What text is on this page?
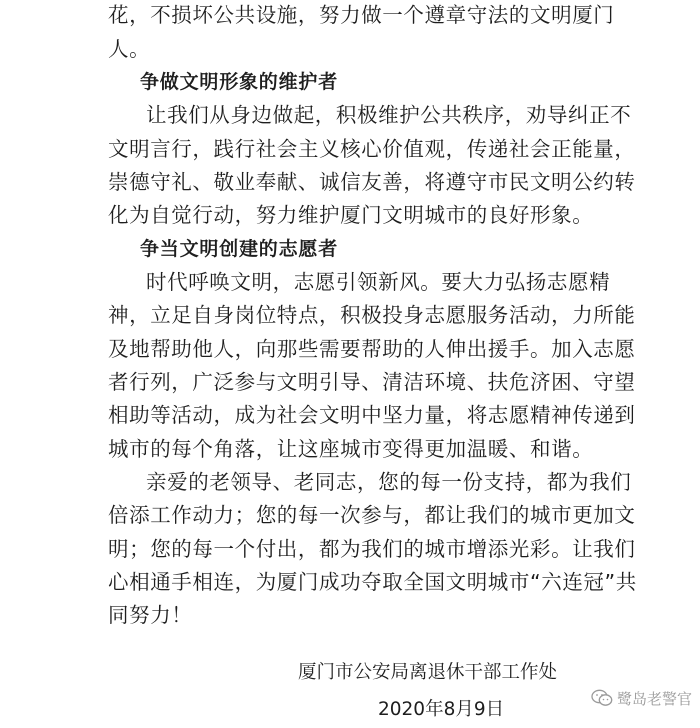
花，不损坏公共设施，努力做一个遵章守法的文明厦门
人。
争做文明形象的维护者
让我们从身边做起，积极维护公共秩序，劝导纠正不
文明言行，践行社会主义核心价值观，传递社会正能量，
崇德守礼、敬业奉献、诚信友善，将遵守市民文明公约转
化为自觉行动，努力维护厦门文明城市的良好形象。
争当文明创建的志愿者
时代呼唤文明，志愿引领新风。要大力弘扬志愿精
神，立足自身岗位特点，积极投身志愿服务活动，力所能
及地帮助他人，向那些需要帮助的人伸出援手。加入志愿
者行列，广泛参与文明引导、清洁环境、扶危济困、守望
相助等活动，成为社会文明中坚力量，将志愿精神传递到
城市的每个角落，让这座城市变得更加温暖、和谐。
亲爱的老领导、老同志，您的每一份支持，都为我们
倍添工作动力；您的每一次参与，都让我们的城市更加文
明；您的每一个付出，都为我们的城市增添光彩。让我们
心相通手相连，为厦门成功夺取全国文明城市“六连冠”共
同努力！
厦门市公安局离退休干部工作处
2020年8月9日
鹭岛老警官
